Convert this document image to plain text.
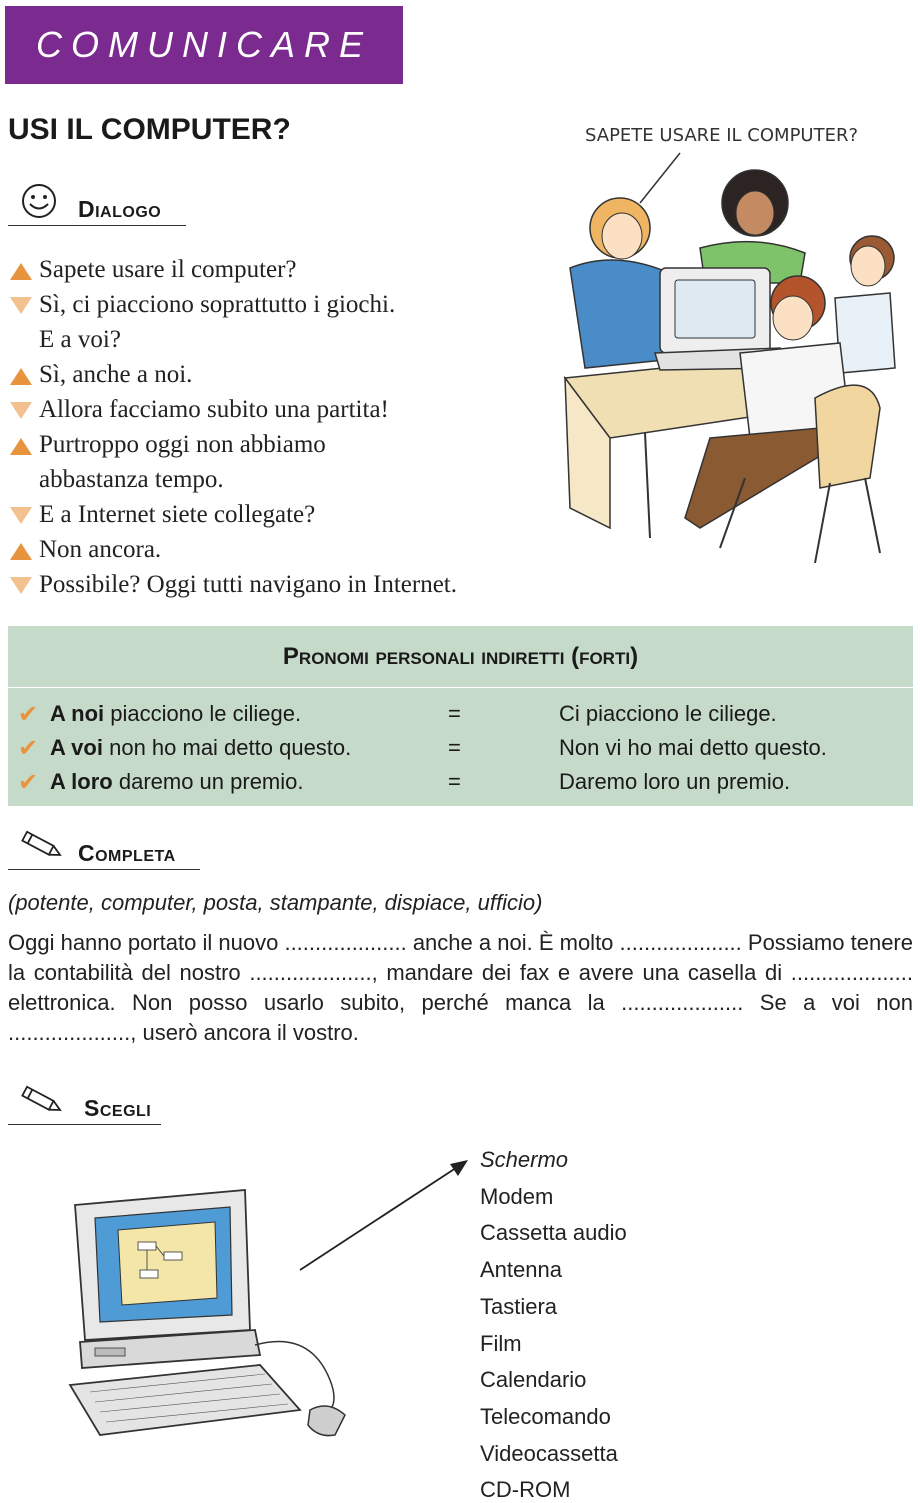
COMUNICARE
USI IL COMPUTER?
Dialogo
Sapete usare il computer?
Sì, ci piacciono soprattutto i giochi.
E a voi?
Sì, anche a noi.
Allora facciamo subito una partita!
Purtroppo oggi non abbiamo
abbastanza tempo.
E a Internet siete collegate?
Non ancora.
Possibile? Oggi tutti navigano in Internet.
SAPETE USARE IL COMPUTER?
Pronomi personali indiretti (forti)
✔ A noi piacciono le ciliege.	=	Ci piacciono le ciliege.
✔ A voi non ho mai detto questo.	=	Non vi ho mai detto questo.
✔ A loro daremo un premio.	=	Daremo loro un premio.
Completa
(potente, computer, posta, stampante, dispiace, ufficio)
Oggi hanno portato il nuovo .................... anche a noi. È molto .................... Possiamo tenere la contabilità del nostro ...................., mandare dei fax e avere una casella di .................... elettronica. Non posso usarlo subito, perché manca la .................... Se a voi non ...................., userò ancora il vostro.
Scegli
Schermo
Modem
Cassetta audio
Antenna
Tastiera
Film
Calendario
Telecomando
Videocassetta
CD-ROM
